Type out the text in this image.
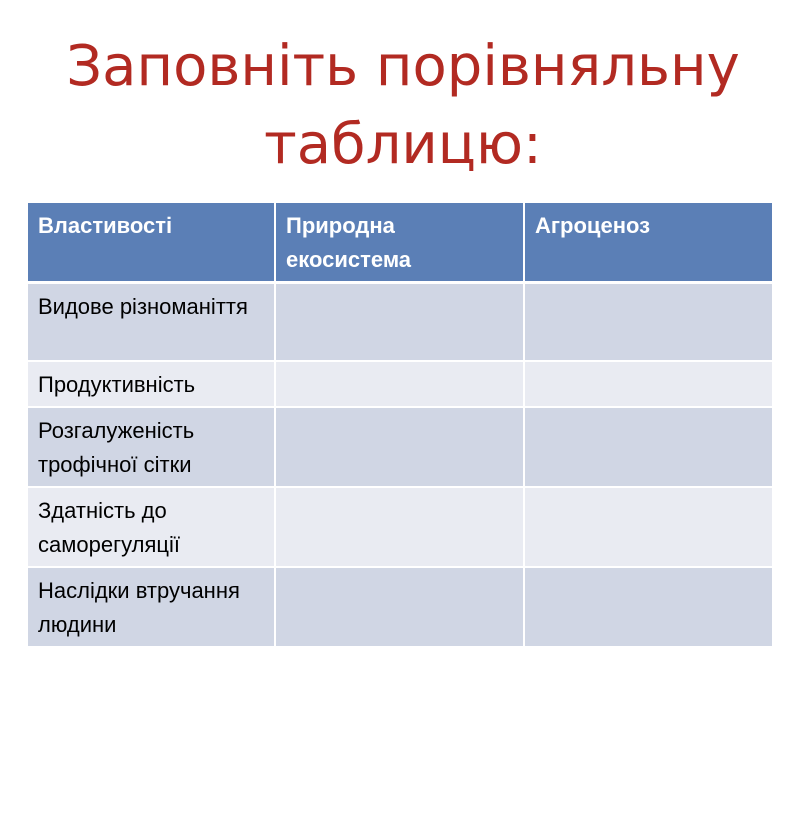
Заповніть порівняльну
таблицю:
Властивості	Природна екосистема	Агроценоз
Видове різноманіття		
Продуктивність		
Розгалуженість трофічної сітки		
Здатність до саморегуляції		
Наслідки втручання людини		
